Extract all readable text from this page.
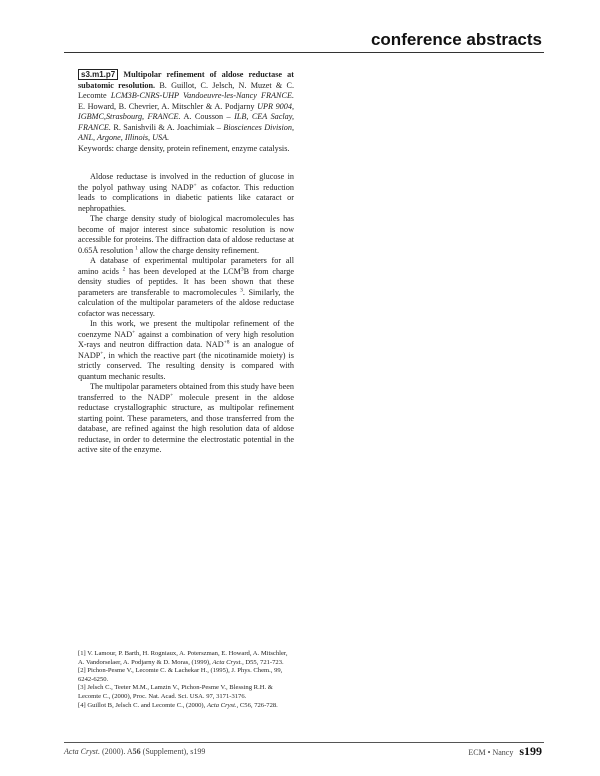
conference abstracts

s3.m1.p7 Multipolar refinement of aldose reductase at subatomic resolution. B. Guillot, C. Jelsch, N. Muzet & C. Lecomte LCM3B-CNRS-UHP Vandoeuvre-les-Nancy FRANCE. E. Howard, B. Chevrier, A. Mitschler & A. Podjarny UPR 9004, IGBMC,Strasbourg, FRANCE. A. Cousson – ILB, CEA Saclay, FRANCE. R. Sanishvili & A. Joachimiak – Biosciences Division, ANL, Argone, Illinois, USA.

Keywords: charge density, protein refinement, enzyme catalysis.

Aldose reductase is involved in the reduction of glucose in the polyol pathway using NADP+ as cofactor. This reduction leads to complications in diabetic patients like cataract or nephropathies.

The charge density study of biological macromolecules has become of major interest since subatomic resolution is now accessible for proteins. The diffraction data of aldose reductase at 0.65Å resolution $^1$ allow the charge density refinement.

A database of experimental multipolar parameters for all amino acids $^2$ has been developed at the LCM$^3$B from charge density studies of peptides. It has been shown that these parameters are transferable to macromolecules $^3$. Similarly, the calculation of the multipolar parameters of the aldose reductase cofactor was necessary.

In this work, we present the multipolar refinement of the coenzyme NAD+ against a combination of very high resolution X-rays and neutron diffraction data. $NAD^{+8}$ is an analogue of NADP+, in which the reactive part (the nicotinamide moiety) is strictly conserved. The resulting density is compared with quantum mechanic results.

The multipolar parameters obtained from this study have been transferred to the NADP+ molecule present in the aldose reductase crystallographic structure, as multipolar refinement starting point. These parameters, and those transferred from the database, are refined against the high resolution data of aldose reductase, in order to determine the electrostatic potential in the active site of the enzyme.

[1] V. Lamour, P. Barth, H. Rogniaux, A. Poterszman, E. Howard, A. Mitschler, A. Vandorselaer, A. Podjarny & D. Moras, (1999), Acta Cryst., D55, 721-723.

[2] Pichon-Pesme V., Lecomte C. & Lachekar H., (1995), J. Phys. Chem., 99, 6242-6250.

[3] Jelsch C., Teeter M.M., Lamzin V., Pichon-Pesme V., Blessing R.H. & Lecomte C., (2000), Proc. Nat. Acad. Sci. USA. 97, 3171-3176.

[4] Guillot B, Jelsch C. and Lecomte C., (2000), Acta Cryst., C56, 726-728.

Acta Cryst. (2000). A56 (Supplement), s199	ECM • Nancy s199
